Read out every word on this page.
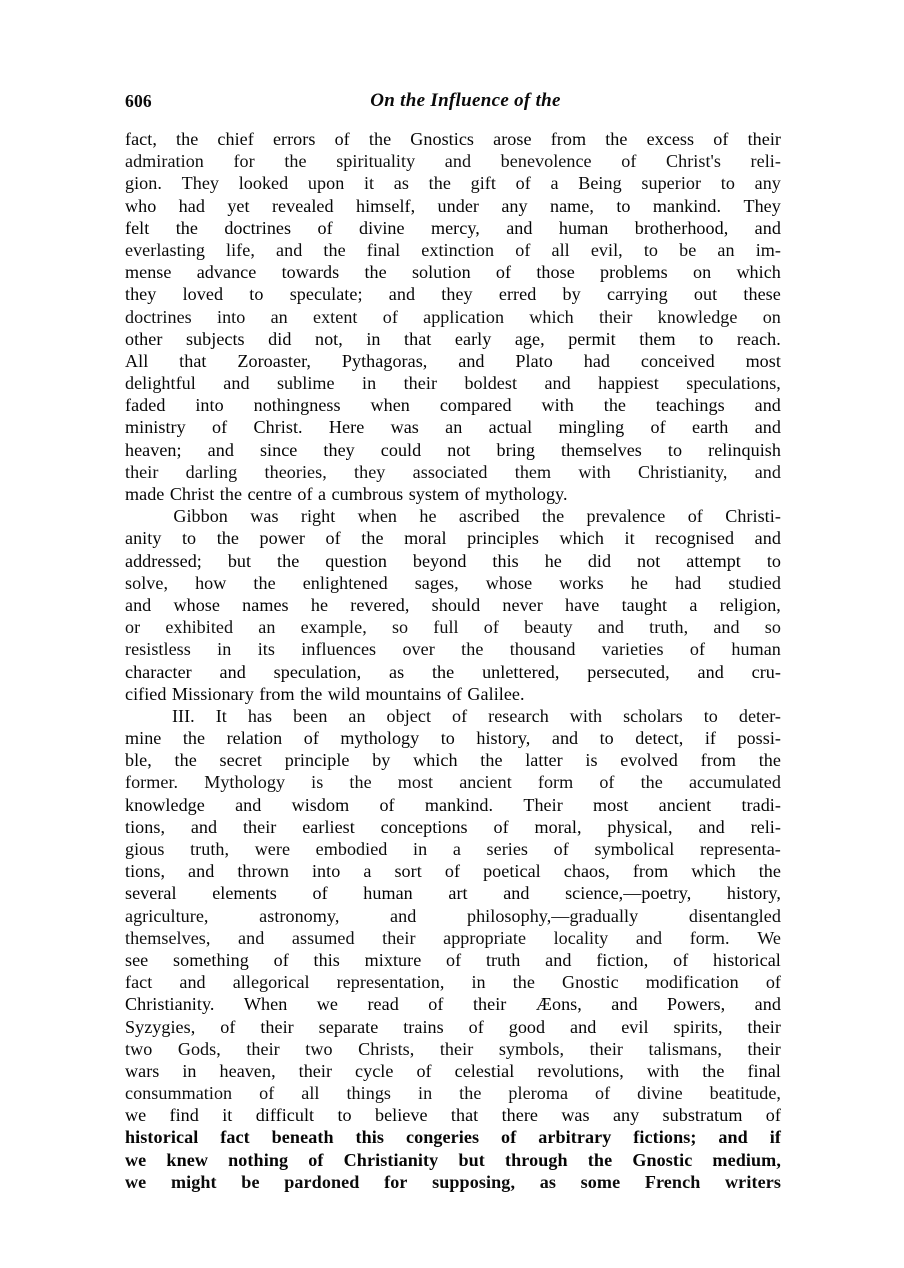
606	On the Influence of the
fact, the chief errors of the Gnostics arose from the excess of their
admiration for the spirituality and benevolence of Christ's reli-
gion. They looked upon it as the gift of a Being superior to any
who had yet revealed himself, under any name, to mankind. They
felt the doctrines of divine mercy, and human brotherhood, and
everlasting life, and the final extinction of all evil, to be an im-
mense advance towards the solution of those problems on which
they loved to speculate; and they erred by carrying out these
doctrines into an extent of application which their knowledge on
other subjects did not, in that early age, permit them to reach.
All that Zoroaster, Pythagoras, and Plato had conceived most
delightful and sublime in their boldest and happiest speculations,
faded into nothingness when compared with the teachings and
ministry of Christ. Here was an actual mingling of earth and
heaven; and since they could not bring themselves to relinquish
their darling theories, they associated them with Christianity, and
made Christ the centre of a cumbrous system of mythology.
Gibbon was right when he ascribed the prevalence of Christi-
anity to the power of the moral principles which it recognised and
addressed; but the question beyond this he did not attempt to
solve, how the enlightened sages, whose works he had studied
and whose names he revered, should never have taught a religion,
or exhibited an example, so full of beauty and truth, and so
resistless in its influences over the thousand varieties of human
character and speculation, as the unlettered, persecuted, and cru-
cified Missionary from the wild mountains of Galilee.
III. It has been an object of research with scholars to deter-
mine the relation of mythology to history, and to detect, if possi-
ble, the secret principle by which the latter is evolved from the
former. Mythology is the most ancient form of the accumulated
knowledge and wisdom of mankind. Their most ancient tradi-
tions, and their earliest conceptions of moral, physical, and reli-
gious truth, were embodied in a series of symbolical representa-
tions, and thrown into a sort of poetical chaos, from which the
several elements of human art and science,—poetry, history,
agriculture,	astronomy,	and	philosophy,—gradually	disentangled
themselves, and assumed their appropriate locality and form. We
see something of this mixture of truth and fiction, of historical
fact and allegorical representation, in the Gnostic modification of
Christianity. When we read of their Æons, and Powers, and
Syzygies, of their separate trains of good and evil spirits, their
two Gods, their two Christs, their symbols, their talismans, their
wars in heaven, their cycle of celestial revolutions, with the final
consummation of all things in the pleroma of divine beatitude,
we find it difficult to believe that there was any substratum of
historical fact beneath this congeries of arbitrary fictions; and if
we knew nothing of Christianity but through the Gnostic medium,
we might be pardoned for supposing, as some French writers
